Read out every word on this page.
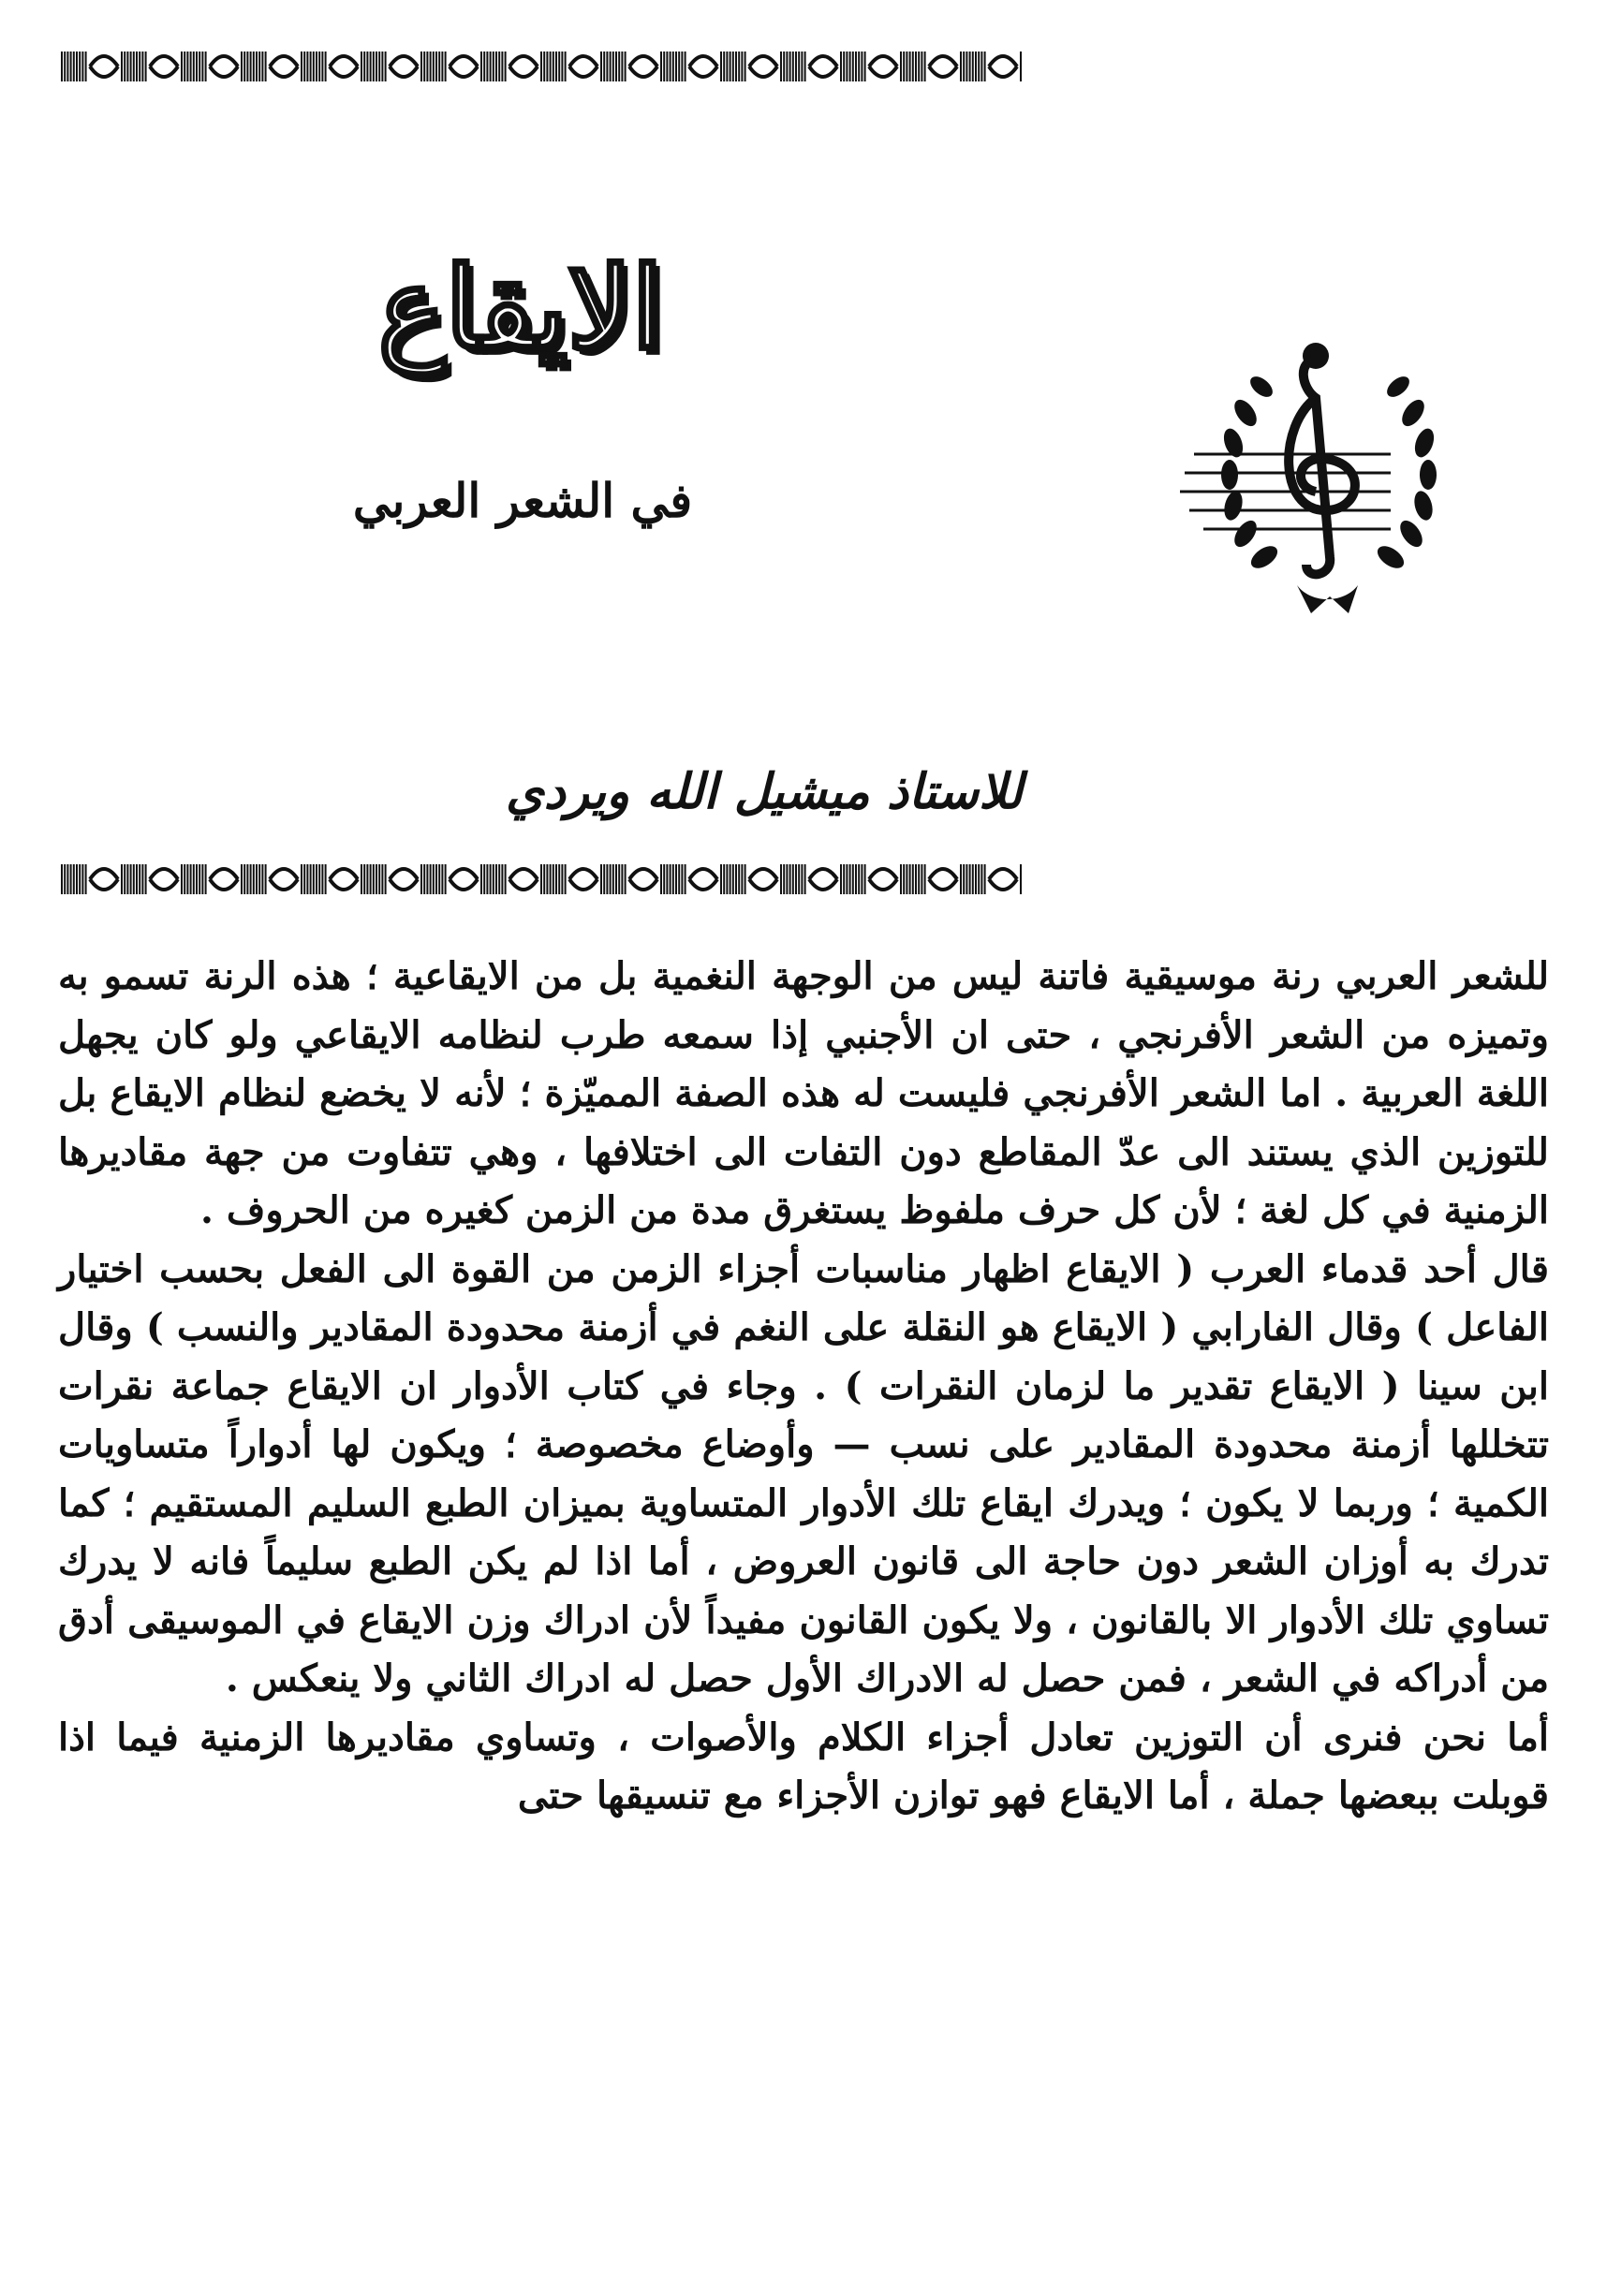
الايقاع
في الشعر العربي
للاستاذ ميشيل الله ويردي

للشعر العربي رنة موسيقية فاتنة ليس من الوجهة النغمية بل من الايقاعية ؛ هذه الرنة تسمو به وتميزه من الشعر الأفرنجي ، حتى ان الأجنبي إذا سمعه طرب لنظامه الايقاعي ولو كان يجهل اللغة العربية . اما الشعر الأفرنجي فليست له هذه الصفة المميّزة ؛ لأنه لا يخضع لنظام الايقاع بل للتوزين الذي يستند الى عدّ المقاطع دون التفات الى اختلافها ، وهي تتفاوت من جهة مقاديرها الزمنية في كل لغة ؛ لأن كل حرف ملفوظ يستغرق مدة من الزمن كغيره من الحروف .

قال أحد قدماء العرب ( الايقاع اظهار مناسبات أجزاء الزمن من القوة الى الفعل بحسب اختيار الفاعل ) وقال الفارابي ( الايقاع هو النقلة على النغم في أزمنة محدودة المقادير والنسب ) وقال ابن سينا ( الايقاع تقدير ما لزمان النقرات ) . وجاء في كتاب الأدوار ان الايقاع جماعة نقرات تتخللها أزمنة محدودة المقادير على نسب — وأوضاع مخصوصة ؛ ويكون لها أدواراً متساويات الكمية ؛ وربما لا يكون ؛ ويدرك ايقاع تلك الأدوار المتساوية بميزان الطبع السليم المستقيم ؛ كما تدرك به أوزان الشعر دون حاجة الى قانون العروض ، أما اذا لم يكن الطبع سليماً فانه لا يدرك تساوي تلك الأدوار الا بالقانون ، ولا يكون القانون مفيداً لأن ادراك وزن الايقاع في الموسيقى أدق من أدراكه في الشعر ، فمن حصل له الادراك الأول حصل له ادراك الثاني ولا ينعكس .

أما نحن فنرى أن التوزين تعادل أجزاء الكلام والأصوات ، وتساوي مقاديرها الزمنية فيما اذا قوبلت ببعضها جملة ، أما الايقاع فهو توازن الأجزاء مع تنسيقها حتى
